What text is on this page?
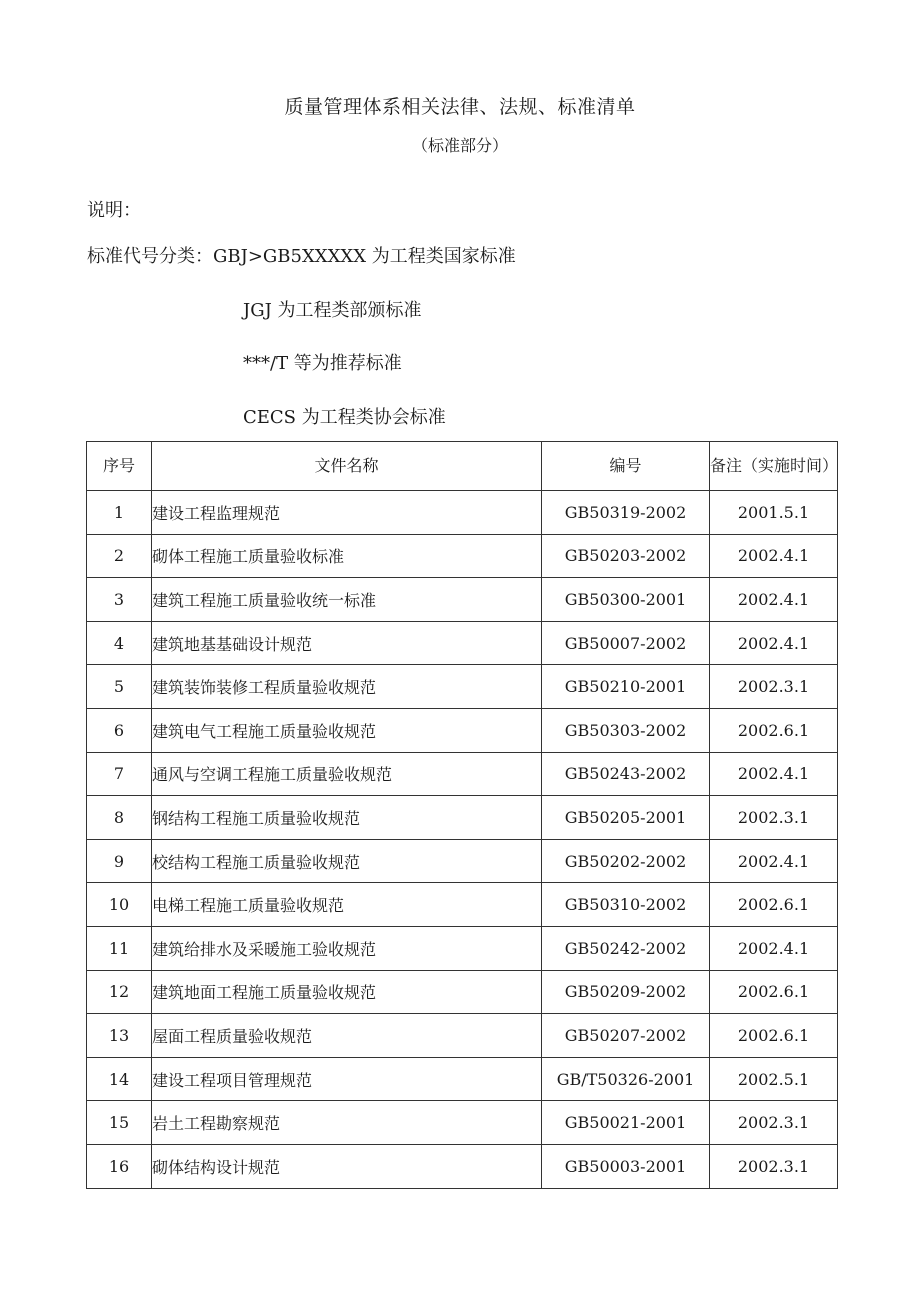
质量管理体系相关法律、法规、标准清单
（标准部分）
说明：
标准代号分类：GBJ>GB5XXXXX 为工程类国家标准
JGJ 为工程类部颁标准
***/T 等为推荐标准
CECS 为工程类协会标准
序号	文件名称	编号	备注（实施时间）
1	建设工程监理规范	GB50319-2002	2001.5.1
2	砌体工程施工质量验收标准	GB50203-2002	2002.4.1
3	建筑工程施工质量验收统一标准	GB50300-2001	2002.4.1
4	建筑地基基础设计规范	GB50007-2002	2002.4.1
5	建筑装饰装修工程质量验收规范	GB50210-2001	2002.3.1
6	建筑电气工程施工质量验收规范	GB50303-2002	2002.6.1
7	通风与空调工程施工质量验收规范	GB50243-2002	2002.4.1
8	钢结构工程施工质量验收规范	GB50205-2001	2002.3.1
9	校结构工程施工质量验收规范	GB50202-2002	2002.4.1
10	电梯工程施工质量验收规范	GB50310-2002	2002.6.1
11	建筑给排水及采暖施工验收规范	GB50242-2002	2002.4.1
12	建筑地面工程施工质量验收规范	GB50209-2002	2002.6.1
13	屋面工程质量验收规范	GB50207-2002	2002.6.1
14	建设工程项目管理规范	GB/T50326-2001	2002.5.1
15	岩土工程勘察规范	GB50021-2001	2002.3.1
16	砌体结构设计规范	GB50003-2001	2002.3.1
